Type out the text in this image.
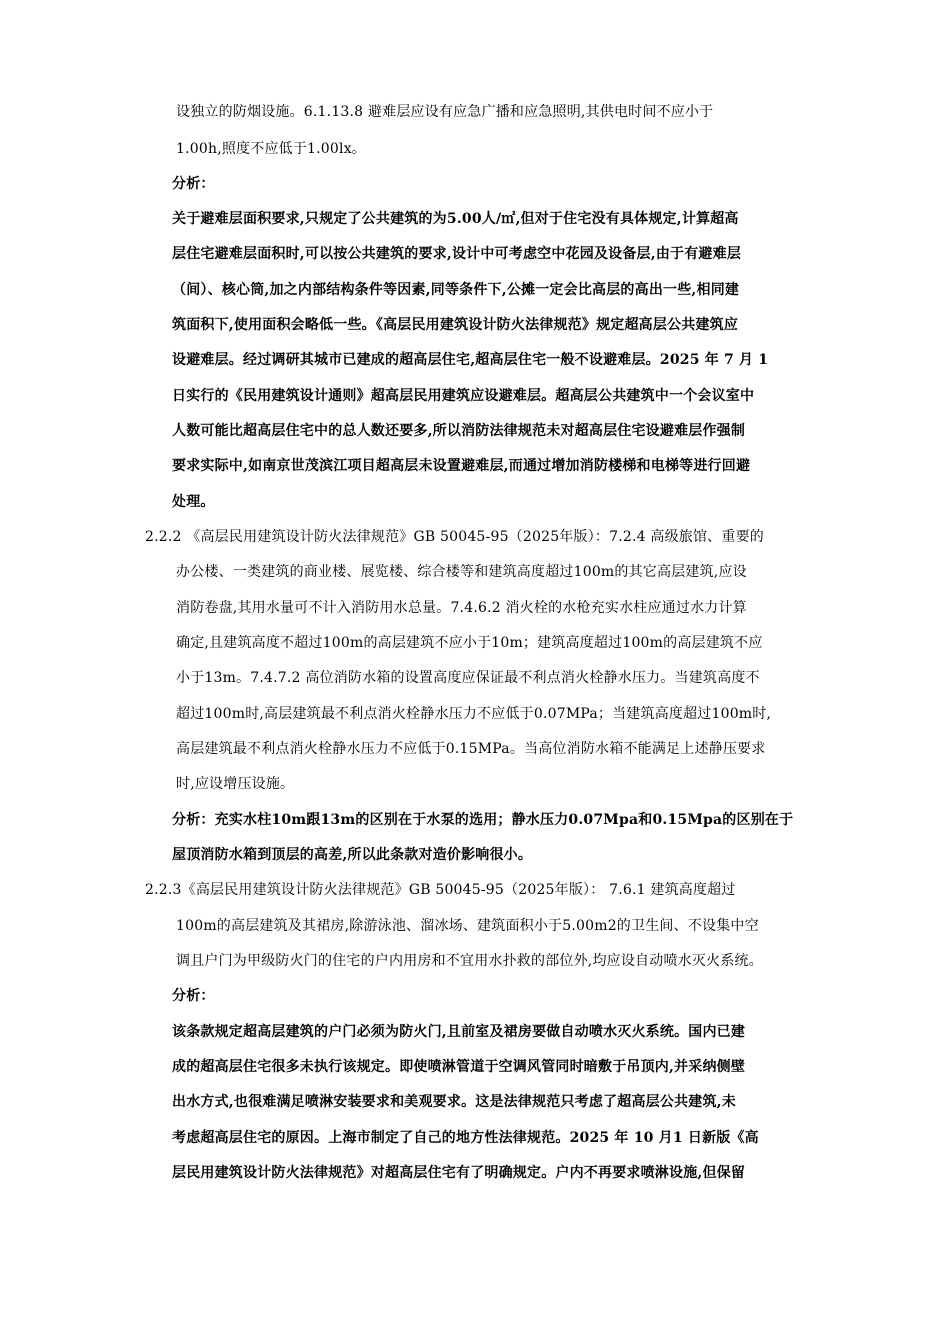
设独立的防烟设施。6.1.13.8 避难层应设有应急广播和应急照明,其供电时间不应小于
1.00h,照度不应低于1.00lx。
分析：
关于避难层面积要求,只规定了公共建筑的为5.00人/㎡,但对于住宅没有具体规定,计算超高
层住宅避难层面积时,可以按公共建筑的要求,设计中可考虑空中花园及设备层,由于有避难层
（间）、核心筒,加之内部结构条件等因素,同等条件下,公摊一定会比高层的高出一些,相同建
筑面积下,使用面积会略低一些。《高层民用建筑设计防火法律规范》规定超高层公共建筑应
设避难层。经过调研其城市已建成的超高层住宅,超高层住宅一般不设避难层。2025 年 7 月 1
日实行的《民用建筑设计通则》超高层民用建筑应设避难层。超高层公共建筑中一个会议室中
人数可能比超高层住宅中的总人数还要多,所以消防法律规范未对超高层住宅设避难层作强制
要求实际中,如南京世茂滨江项目超高层未设置避难层,而通过增加消防楼梯和电梯等进行回避
处理。
2.2.2 《高层民用建筑设计防火法律规范》GB 50045-95（2025年版）：7.2.4 高级旅馆、重要的
办公楼、一类建筑的商业楼、展览楼、综合楼等和建筑高度超过100m的其它高层建筑,应设
消防卷盘,其用水量可不计入消防用水总量。7.4.6.2 消火栓的水枪充实水柱应通过水力计算
确定,且建筑高度不超过100m的高层建筑不应小于10m；建筑高度超过100m的高层建筑不应
小于13m。7.4.7.2 高位消防水箱的设置高度应保证最不利点消火栓静水压力。当建筑高度不
超过100m时,高层建筑最不利点消火栓静水压力不应低于0.07MPa；当建筑高度超过100m时,
高层建筑最不利点消火栓静水压力不应低于0.15MPa。当高位消防水箱不能满足上述静压要求
时,应设增压设施。
分析：充实水柱10m跟13m的区别在于水泵的选用；静水压力0.07Mpa和0.15Mpa的区别在于
屋顶消防水箱到顶层的高差,所以此条款对造价影响很小。
2.2.3《高层民用建筑设计防火法律规范》GB 50045-95（2025年版）： 7.6.1 建筑高度超过
100m的高层建筑及其裙房,除游泳池、溜冰场、建筑面积小于5.00m2的卫生间、不设集中空
调且户门为甲级防火门的住宅的户内用房和不宜用水扑救的部位外,均应设自动喷水灭火系统。
分析：
该条款规定超高层建筑的户门必须为防火门,且前室及裙房要做自动喷水灭火系统。国内已建
成的超高层住宅很多未执行该规定。即使喷淋管道于空调风管同时暗敷于吊顶内,并采纳侧壁
出水方式,也很难满足喷淋安装要求和美观要求。这是法律规范只考虑了超高层公共建筑,未
考虑超高层住宅的原因。上海市制定了自己的地方性法律规范。2025 年 10 月1 日新版《高
层民用建筑设计防火法律规范》对超高层住宅有了明确规定。户内不再要求喷淋设施,但保留
